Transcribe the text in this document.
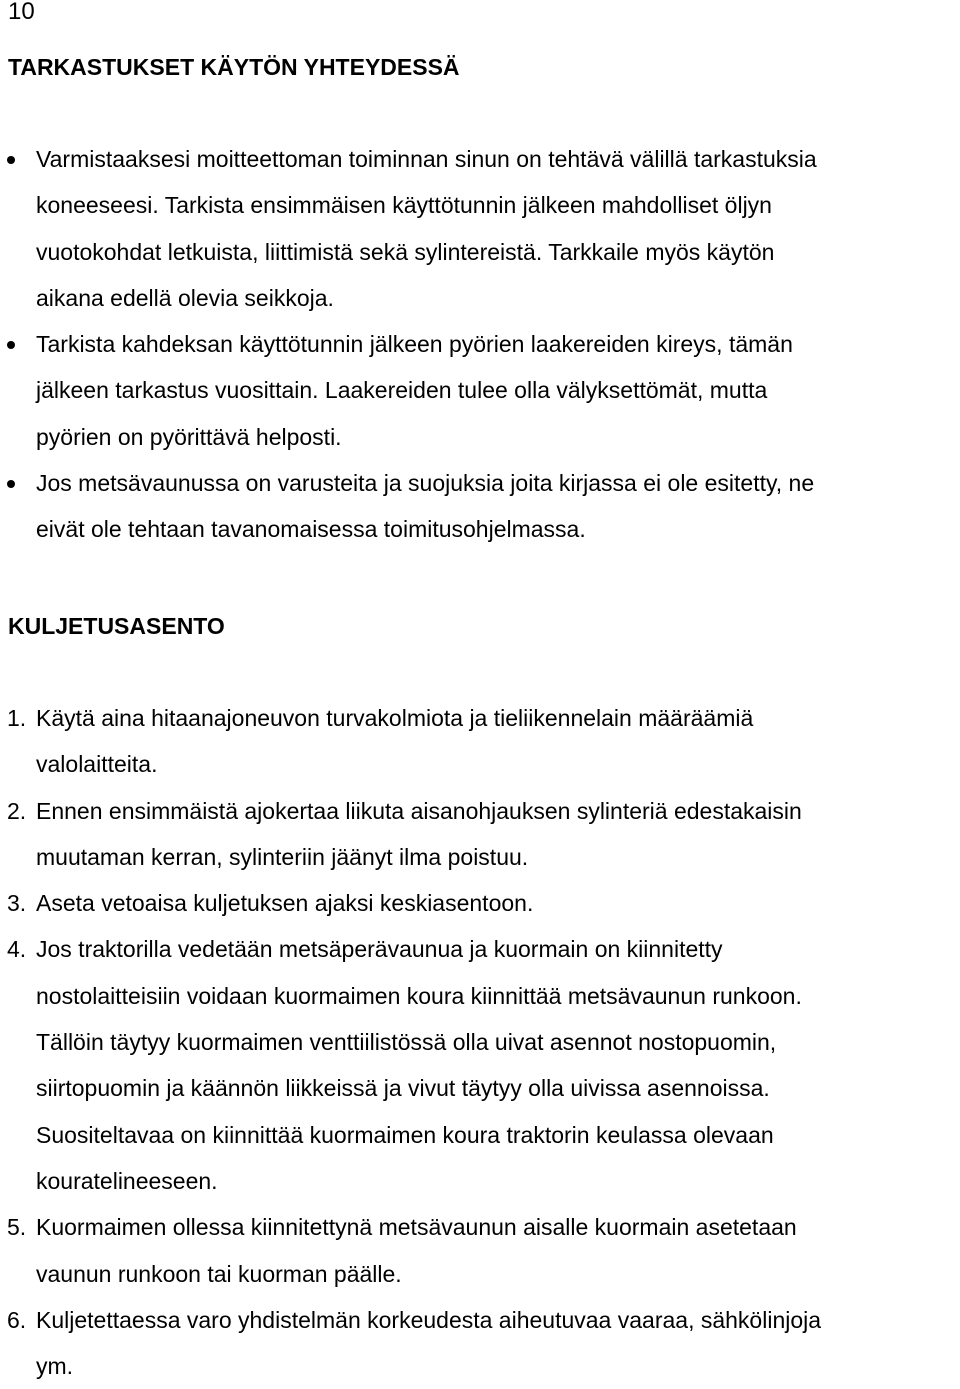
10
TARKASTUKSET KÄYTÖN YHTEYDESSÄ
Varmistaaksesi moitteettoman toiminnan sinun on tehtävä välillä tarkastuksia
koneeseesi. Tarkista ensimmäisen käyttötunnin jälkeen mahdolliset öljyn
vuotokohdat letkuista, liittimistä sekä sylintereistä. Tarkkaile myös käytön
aikana edellä olevia seikkoja.
Tarkista kahdeksan käyttötunnin jälkeen pyörien laakereiden kireys, tämän
jälkeen tarkastus vuosittain. Laakereiden tulee olla välyksettömät, mutta
pyörien on pyörittävä helposti.
Jos metsävaunussa on varusteita ja suojuksia joita kirjassa ei ole esitetty, ne
eivät ole tehtaan tavanomaisessa toimitusohjelmassa.
KULJETUSASENTO
1. Käytä aina hitaanajoneuvon turvakolmiota ja tieliikennelain määräämiä
valolaitteita.
2. Ennen ensimmäistä ajokertaa liikuta aisanohjauksen sylinteriä edestakaisin
muutaman kerran, sylinteriin jäänyt ilma poistuu.
3. Aseta vetoaisa kuljetuksen ajaksi keskiasentoon.
4. Jos traktorilla vedetään metsäperävaunua ja kuormain on kiinnitetty
nostolaitteisiin voidaan kuormaimen koura kiinnittää metsävaunun runkoon.
Tällöin täytyy kuormaimen venttiilistössä olla uivat asennot nostopuomin,
siirtopuomin ja käännön liikkeissä ja vivut täytyy olla uivissa asennoissa.
Suositeltavaa on kiinnittää kuormaimen koura traktorin keulassa olevaan
kouratelineeseen.
5. Kuormaimen ollessa kiinnitettynä metsävaunun aisalle kuormain asetetaan
vaunun runkoon tai kuorman päälle.
6. Kuljetettaessa varo yhdistelmän korkeudesta aiheutuvaa vaaraa, sähkölinjoja
ym.
